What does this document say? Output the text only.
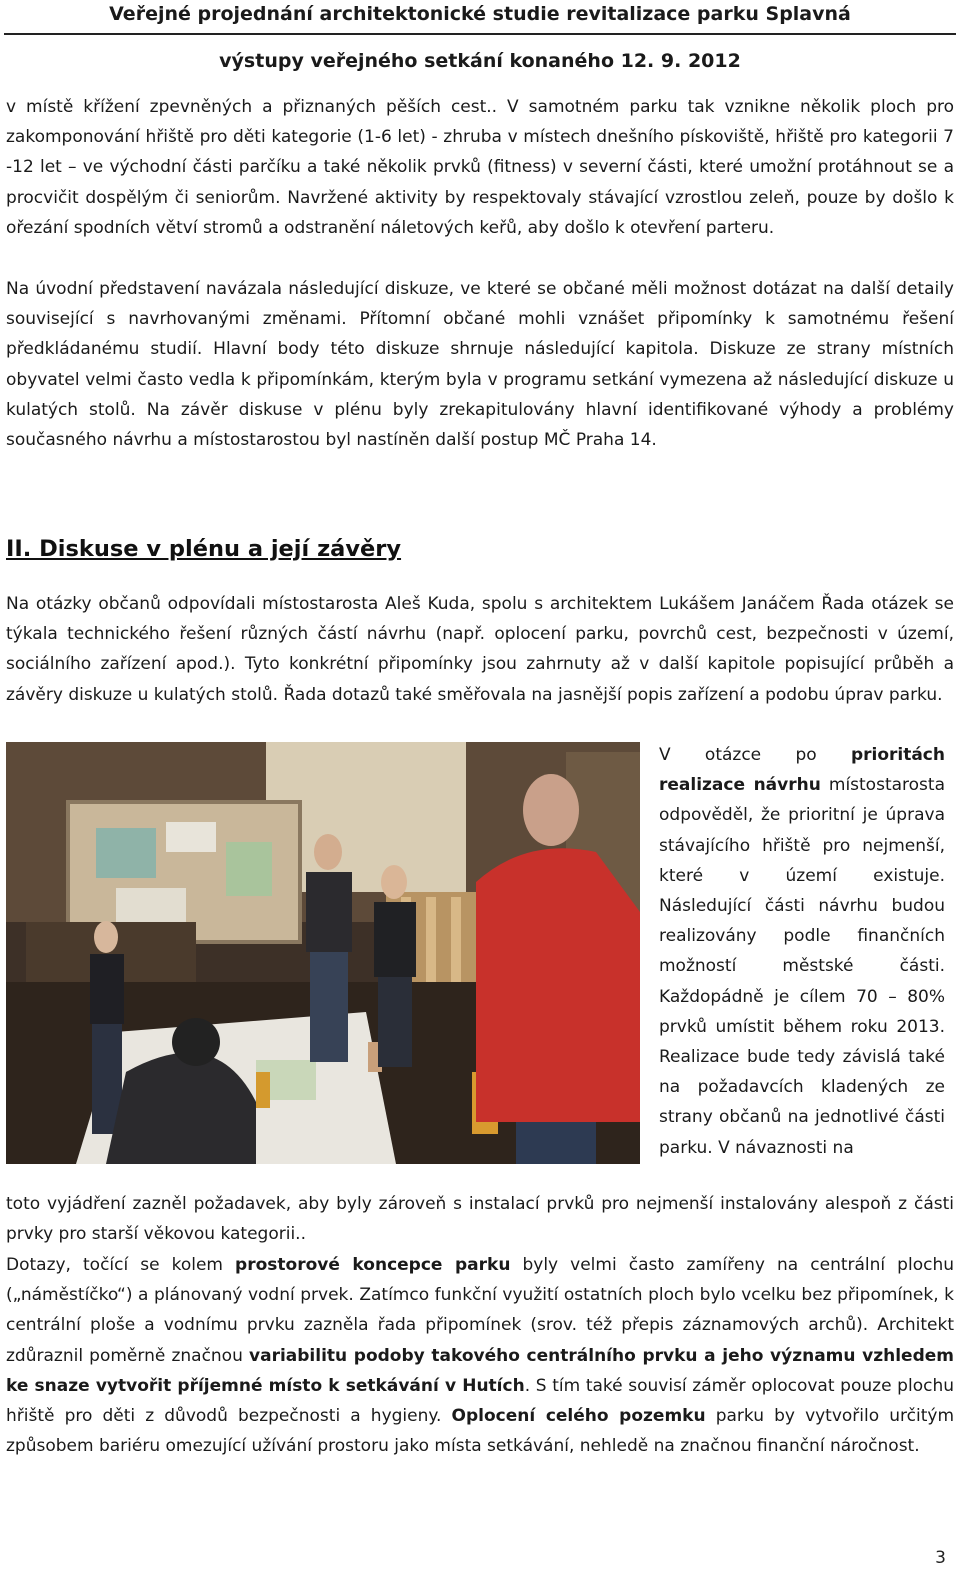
Veřejné projednání architektonické studie revitalizace parku Splavná
výstupy veřejného setkání konaného 12. 9. 2012

v místě křížení zpevněných a přiznaných pěších cest.. V samotném parku tak vznikne několik ploch pro zakomponování hřiště pro děti kategorie (1-6 let) - zhruba v místech dnešního pískoviště, hřiště pro kategorii 7 -12 let – ve východní části parčíku a také několik prvků (fitness) v severní části, které umožní protáhnout se a procvičit dospělým či seniorům. Navržené aktivity by respektovaly stávající vzrostlou zeleň, pouze by došlo k ořezání spodních větví stromů a odstranění náletových keřů, aby došlo k otevření parteru.

Na úvodní představení navázala následující diskuze, ve které se občané měli možnost dotázat na další detaily související s navrhovanými změnami. Přítomní občané mohli vznášet připomínky k samotnému řešení předkládanému studií. Hlavní body této diskuze shrnuje následující kapitola. Diskuze ze strany místních obyvatel velmi často vedla k připomínkám, kterým byla v programu setkání vymezena až následující diskuze u kulatých stolů. Na závěr diskuse v plénu byly zrekapitulovány hlavní identifikované výhody a problémy současného návrhu a místostarostou byl nastíněn další postup MČ Praha 14.

II. Diskuse v plénu a její závěry

Na otázky občanů odpovídali místostarosta Aleš Kuda, spolu s architektem Lukášem Janáčem Řada otázek se týkala technického řešení různých částí návrhu (např. oplocení parku, povrchů cest, bezpečnosti v území, sociálního zařízení apod.). Tyto konkrétní připomínky jsou zahrnuty až v další kapitole popisující průběh a závěry diskuze u kulatých stolů. Řada dotazů také směřovala na jasnější popis zařízení a podobu úprav parku.

V otázce po prioritách realizace návrhu místostarosta odpověděl, že prioritní je úprava stávajícího hřiště pro nejmenší, které v území existuje. Následující části návrhu budou realizovány podle finančních možností městské části. Každopádně je cílem 70 – 80% prvků umístit během roku 2013. Realizace bude tedy závislá také na požadavcích kladených ze strany občanů na jednotlivé části parku. V návaznosti na

toto vyjádření zazněl požadavek, aby byly zároveň s instalací prvků pro nejmenší instalovány alespoň z části prvky pro starší věkovou kategorii..

Dotazy, točící se kolem prostorové koncepce parku byly velmi často zamířeny na centrální plochu („náměstíčko“) a plánovaný vodní prvek. Zatímco funkční využití ostatních ploch bylo vcelku bez připomínek, k centrální ploše a vodnímu prvku zazněla řada připomínek (srov. též přepis záznamových archů). Architekt zdůraznil poměrně značnou variabilitu podoby takového centrálního prvku a jeho významu vzhledem ke snaze vytvořit příjemné místo k setkávání v Hutích. S tím také souvisí záměr oplocovat pouze plochu hřiště pro děti z důvodů bezpečnosti a hygieny. Oplocení celého pozemku parku by vytvořilo určitým způsobem bariéru omezující užívání prostoru jako místa setkávání, nehledě na značnou finanční náročnost.

3
